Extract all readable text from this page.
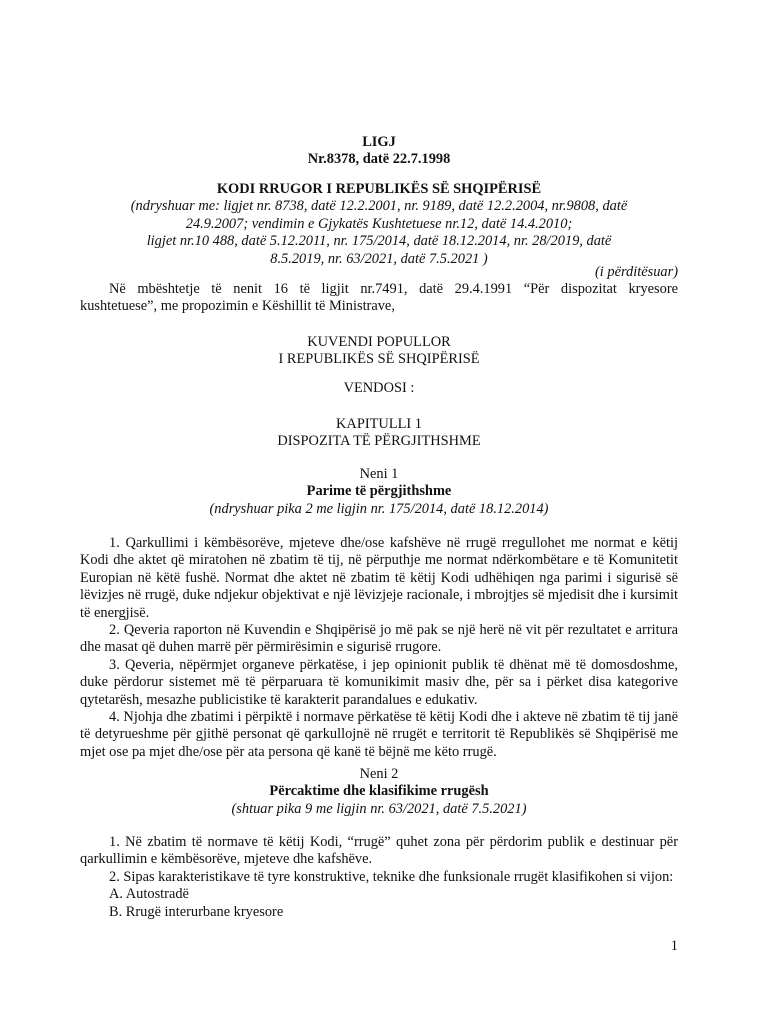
LIGJ

Nr.8378, datë 22.7.1998

KODI RRUGOR I REPUBLIKËS SË SHQIPËRISË

(ndryshuar me: ligjet nr. 8738, datë 12.2.2001, nr. 9189, datë 12.2.2004, nr.9808, datë

24.9.2007; vendimin e Gjykatës Kushtetuese nr.12, datë 14.4.2010;

ligjet nr.10 488, datë 5.12.2011, nr. 175/2014, datë 18.12.2014, nr. 28/2019, datë

8.5.2019, nr. 63/2021, datë 7.5.2021 )

(i përditësuar)

Në mbështetje të nenit 16 të ligjit nr.7491, datë 29.4.1991 “Për dispozitat kryesore

kushtetuese”, me propozimin e Këshillit të Ministrave,

KUVENDI POPULLOR

I REPUBLIKËS SË SHQIPËRISË

VENDOSI :

KAPITULLI 1

DISPOZITA TË PËRGJITHSHME

Neni 1

Parime të përgjithshme

(ndryshuar pika 2 me ligjin nr. 175/2014, datë 18.12.2014)

1. Qarkullimi i këmbësorëve, mjeteve dhe/ose kafshëve në rrugë rregullohet me normat e këtij Kodi dhe aktet që miratohen në zbatim të tij, në përputhje me normat ndërkombëtare e të Komunitetit Europian në këtë fushë. Normat dhe aktet në zbatim të këtij Kodi udhëhiqen nga parimi i sigurisë së lëvizjes në rrugë, duke ndjekur objektivat e një lëvizjeje racionale, i mbrojtjes së mjedisit dhe i kursimit të energjisë.

2. Qeveria raporton në Kuvendin e Shqipërisë jo më pak se një herë në vit për rezultatet e arritura dhe masat që duhen marrë për përmirësimin e sigurisë rrugore.

3. Qeveria, nëpërmjet organeve përkatëse, i jep opinionit publik të dhënat më të domosdoshme, duke përdorur sistemet më të përparuara të komunikimit masiv dhe, për sa i përket disa kategorive qytetarësh, mesazhe publicistike të karakterit parandalues e edukativ.

4. Njohja dhe zbatimi i përpiktë i normave përkatëse të këtij Kodi dhe i akteve në zbatim të tij janë të detyrueshme për gjithë personat që qarkullojnë në rrugët e territorit të Republikës së Shqipërisë me mjet ose pa mjet dhe/ose për ata persona që kanë të bëjnë me këto rrugë.

Neni 2

Përcaktime dhe klasifikime rrugësh

(shtuar pika 9 me ligjin nr. 63/2021, datë 7.5.2021)

1. Në zbatim të normave të këtij Kodi, “rrugë” quhet zona për përdorim publik e destinuar për qarkullimin e këmbësorëve, mjeteve dhe kafshëve.

2. Sipas karakteristikave të tyre konstruktive, teknike dhe funksionale rrugët klasifikohen si vijon:

A. Autostradë

B. Rrugë interurbane kryesore

1
